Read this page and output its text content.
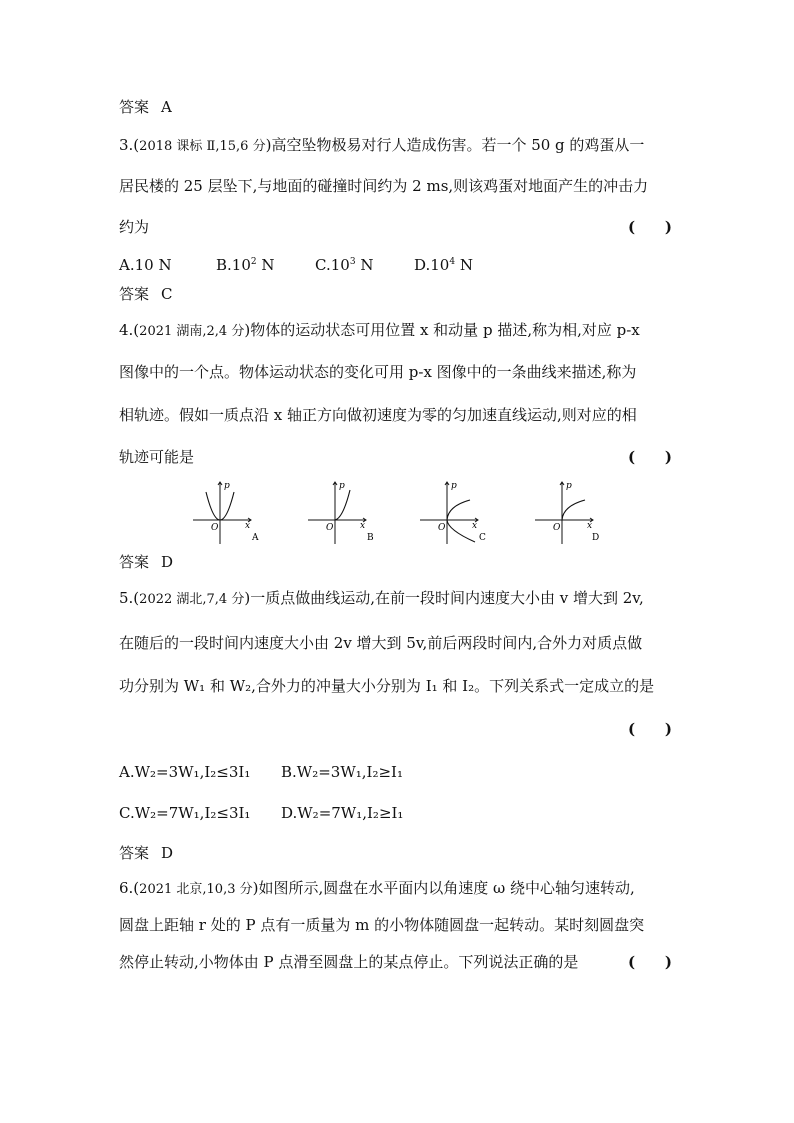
答案 A
3.(2018 课标 Ⅱ,15,6 分)高空坠物极易对行人造成伤害。若一个 50 g 的鸡蛋从一
居民楼的 25 层坠下,与地面的碰撞时间约为 2 ms,则该鸡蛋对地面产生的冲击力
约为	( )
A.10 N	$B.10^2$ N	$C.10^3$ N	$D.10^4$ N
答案 C
4.(2021 湖南,2,4 分)物体的运动状态可用位置 x 和动量 p 描述,称为相,对应 p-x
图像中的一个点。物体运动状态的变化可用 p-x 图像中的一条曲线来描述,称为
相轨迹。假如一质点沿 x 轴正方向做初速度为零的匀加速直线运动,则对应的相
轨迹可能是	( )
p
x
O
A
p
x
O
B
p
x
O
C
p
x
O
D
答案 D
5.(2022 湖北,7,4 分)一质点做曲线运动,在前一段时间内速度大小由 v 增大到 2v,
在随后的一段时间内速度大小由 2v 增大到 5v,前后两段时间内,合外力对质点做
功分别为 W₁ 和 W₂,合外力的冲量大小分别为 I₁ 和 I₂。下列关系式一定成立的是
( )
A.W₂=3W₁,I₂≤3I₁ B.W₂=3W₁,I₂≥I₁
C.W₂=7W₁,I₂≤3I₁ D.W₂=7W₁,I₂≥I₁
答案 D
6.(2021 北京,10,3 分)如图所示,圆盘在水平面内以角速度 ω 绕中心轴匀速转动,
圆盘上距轴 r 处的 P 点有一质量为 m 的小物体随圆盘一起转动。某时刻圆盘突
然停止转动,小物体由 P 点滑至圆盘上的某点停止。下列说法正确的是	( )
